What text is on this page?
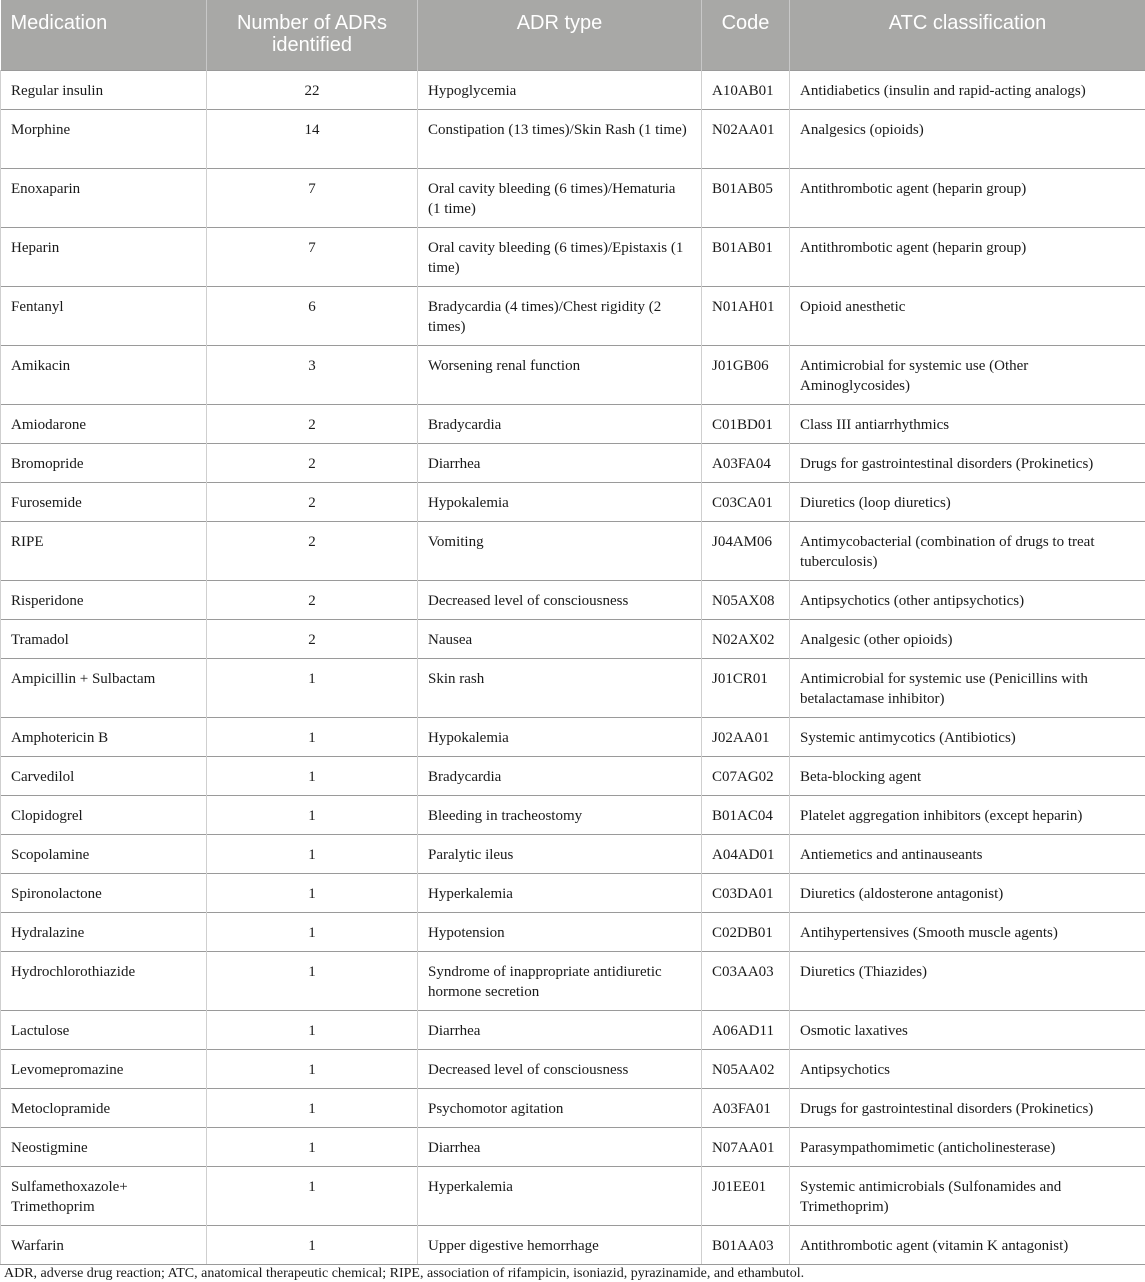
Medication	Number of ADRs identified	ADR type	Code	ATC classification
Regular insulin	22	Hypoglycemia	A10AB01	Antidiabetics (insulin and rapid-acting analogs)
Morphine	14	Constipation (13 times)/Skin Rash (1 time)	N02AA01	Analgesics (opioids)
Enoxaparin	7	Oral cavity bleeding (6 times)/Hematuria (1 time)	B01AB05	Antithrombotic agent (heparin group)
Heparin	7	Oral cavity bleeding (6 times)/Epistaxis (1 time)	B01AB01	Antithrombotic agent (heparin group)
Fentanyl	6	Bradycardia (4 times)/Chest rigidity (2 times)	N01AH01	Opioid anesthetic
Amikacin	3	Worsening renal function	J01GB06	Antimicrobial for systemic use (Other Aminoglycosides)
Amiodarone	2	Bradycardia	C01BD01	Class III antiarrhythmics
Bromopride	2	Diarrhea	A03FA04	Drugs for gastrointestinal disorders (Prokinetics)
Furosemide	2	Hypokalemia	C03CA01	Diuretics (loop diuretics)
RIPE	2	Vomiting	J04AM06	Antimycobacterial (combination of drugs to treat tuberculosis)
Risperidone	2	Decreased level of consciousness	N05AX08	Antipsychotics (other antipsychotics)
Tramadol	2	Nausea	N02AX02	Analgesic (other opioids)
Ampicillin + Sulbactam	1	Skin rash	J01CR01	Antimicrobial for systemic use (Penicillins with betalactamase inhibitor)
Amphotericin B	1	Hypokalemia	J02AA01	Systemic antimycotics (Antibiotics)
Carvedilol	1	Bradycardia	C07AG02	Beta-blocking agent
Clopidogrel	1	Bleeding in tracheostomy	B01AC04	Platelet aggregation inhibitors (except heparin)
Scopolamine	1	Paralytic ileus	A04AD01	Antiemetics and antinauseants
Spironolactone	1	Hyperkalemia	C03DA01	Diuretics (aldosterone antagonist)
Hydralazine	1	Hypotension	C02DB01	Antihypertensives (Smooth muscle agents)
Hydrochlorothiazide	1	Syndrome of inappropriate antidiuretic hormone secretion	C03AA03	Diuretics (Thiazides)
Lactulose	1	Diarrhea	A06AD11	Osmotic laxatives
Levomepromazine	1	Decreased level of consciousness	N05AA02	Antipsychotics
Metoclopramide	1	Psychomotor agitation	A03FA01	Drugs for gastrointestinal disorders (Prokinetics)
Neostigmine	1	Diarrhea	N07AA01	Parasympathomimetic (anticholinesterase)
Sulfamethoxazole+ Trimethoprim	1	Hyperkalemia	J01EE01	Systemic antimicrobials (Sulfonamides and Trimethoprim)
Warfarin	1	Upper digestive hemorrhage	B01AA03	Antithrombotic agent (vitamin K antagonist)
ADR, adverse drug reaction; ATC, anatomical therapeutic chemical; RIPE, association of rifampicin, isoniazid, pyrazinamide, and ethambutol.
